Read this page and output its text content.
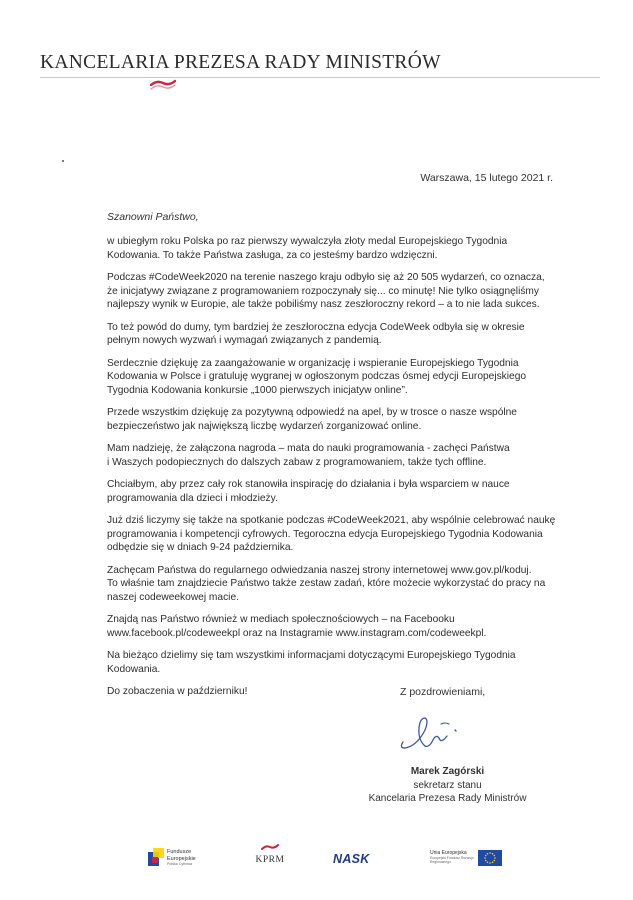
KANCELARIA PREZESA RADY MINISTRÓW
Warszawa, 15 lutego 2021 r.
Szanowni Państwo,

w ubiegłym roku Polska po raz pierwszy wywalczyła złoty medal Europejskiego Tygodnia
Kodowania. To także Państwa zasługa, za co jesteśmy bardzo wdzięczni.

Podczas #CodeWeek2020 na terenie naszego kraju odbyło się aż 20 505 wydarzeń, co oznacza,
że inicjatywy związane z programowaniem rozpoczynały się... co minutę! Nie tylko osiągnęliśmy
najlepszy wynik w Europie, ale także pobiliśmy nasz zeszłoroczny rekord – a to nie lada sukces.

To też powód do dumy, tym bardziej że zeszłoroczna edycja CodeWeek odbyła się w okresie
pełnym nowych wyzwań i wymagań związanych z pandemią.

Serdecznie dziękuję za zaangażowanie w organizację i wspieranie Europejskiego Tygodnia
Kodowania w Polsce i gratuluję wygranej w ogłoszonym podczas ósmej edycji Europejskiego
Tygodnia Kodowania konkursie „1000 pierwszych inicjatyw online”.

Przede wszystkim dziękuję za pozytywną odpowiedź na apel, by w trosce o nasze wspólne
bezpieczeństwo jak największą liczbę wydarzeń zorganizować online.

Mam nadzieję, że załączona nagroda – mata do nauki programowania - zachęci Państwa
i Waszych podopiecznych do dalszych zabaw z programowaniem, także tych offline.

Chciałbym, aby przez cały rok stanowiła inspirację do działania i była wsparciem w nauce
programowania dla dzieci i młodzieży.

Już dziś liczymy się także na spotkanie podczas #CodeWeek2021, aby wspólnie celebrować naukę
programowania i kompetencji cyfrowych. Tegoroczna edycja Europejskiego Tygodnia Kodowania
odbędzie się w dniach 9-24 października.

Zachęcam Państwa do regularnego odwiedzania naszej strony internetowej www.gov.pl/koduj.
To właśnie tam znajdziecie Państwo także zestaw zadań, które możecie wykorzystać do pracy na
naszej codeweekowej macie.

Znajdą nas Państwo również w mediach społecznościowych – na Facebooku
www.facebook.pl/codeweekpl oraz na Instagramie www.instagram.com/codeweekpl.

Na bieżąco dzielimy się tam wszystkimi informacjami dotyczącymi Europejskiego Tygodnia
Kodowania.

Do zobaczenia w październiku!	Z pozdrowieniami,
Marek Zagórski
sekretarz stanu
Kancelaria Prezesa Rady Ministrów
Fundusze Europejskie
Polska Cyfrowa	KPRM	NASK	Unia Europejska
Europejski Fundusz Rozwoju Regionalnego
